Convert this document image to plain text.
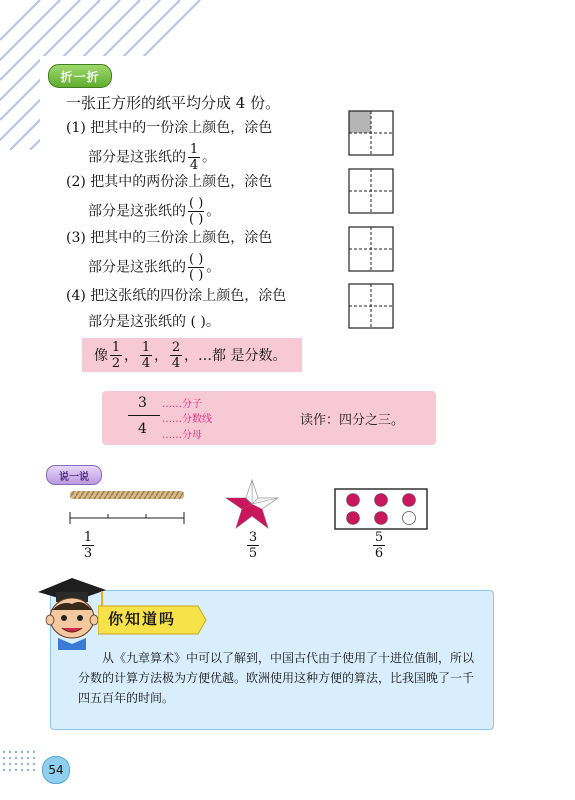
折一折
一张正方形的纸平均分成 4 份。
(1) 把其中的一份涂上颜色，涂色
部分是这张纸的 $\frac{1}{4}$ 。
(2) 把其中的两份涂上颜色，涂色
部分是这张纸的 $\frac{( )}{( )}$ 。
(3) 把其中的三份涂上颜色，涂色
部分是这张纸的 $\frac{( )}{( )}$ 。
(4) 把这张纸的四份涂上颜色，涂色
部分是这张纸的 ( )。
像 $\frac{1}{2}$ ， $\frac{1}{4}$ ， $\frac{2}{4}$ ，…都 是分数。
3
4
……分子
……分数线
……分母
读作：四分之三。
说一说
$\frac{1}{3}$	$\frac{3}{5}$	$\frac{5}{6}$
你知道吗
从《九章算术》中可以了解到，中国古代由于使用了十进位值制，所以分数的计算方法极为方便优越。欧洲使用这种方便的算法，比我国晚了一千四五百年的时间。
54
